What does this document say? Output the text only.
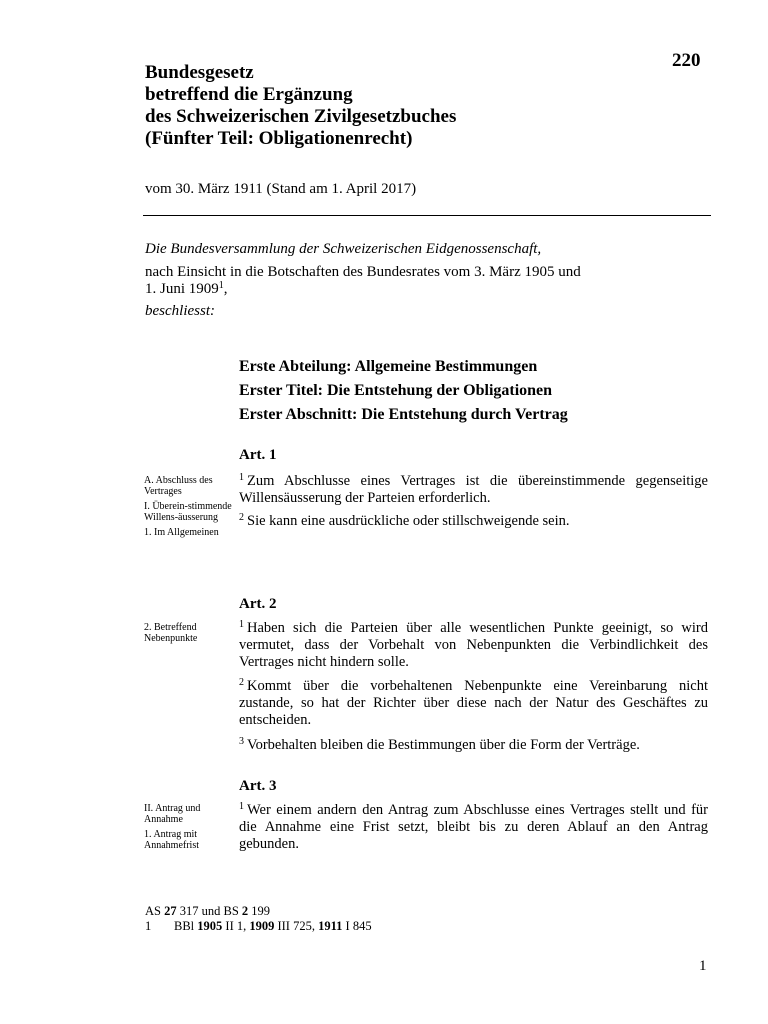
220
Bundesgesetz
betreffend die Ergänzung
des Schweizerischen Zivilgesetzbuches
(Fünfter Teil: Obligationenrecht)
vom 30. März 1911 (Stand am 1. April 2017)
Die Bundesversammlung der Schweizerischen Eidgenossenschaft,
nach Einsicht in die Botschaften des Bundesrates vom 3. März 1905 und
1. Juni 1909$^1$,
beschliesst:
Erste Abteilung: Allgemeine Bestimmungen
Erster Titel: Die Entstehung der Obligationen
Erster Abschnitt: Die Entstehung durch Vertrag
Art. 1
A. Abschluss des Vertrages
I. Überein-stimmende Willens-äusserung
1. Im Allgemeinen
$^1$ Zum Abschlusse eines Vertrages ist die übereinstimmende gegenseitige Willensäusserung der Parteien erforderlich.
$^2$ Sie kann eine ausdrückliche oder stillschweigende sein.
Art. 2
2. Betreffend Nebenpunkte
$^1$ Haben sich die Parteien über alle wesentlichen Punkte geeinigt, so wird vermutet, dass der Vorbehalt von Nebenpunkten die Verbindlichkeit des Vertrages nicht hindern solle.
$^2$ Kommt über die vorbehaltenen Nebenpunkte eine Vereinbarung nicht zustande, so hat der Richter über diese nach der Natur des Geschäftes zu entscheiden.
$^3$ Vorbehalten bleiben die Bestimmungen über die Form der Verträge.
Art. 3
II. Antrag und Annahme
1. Antrag mit Annahmefrist
$^1$ Wer einem andern den Antrag zum Abschlusse eines Vertrages stellt und für die Annahme eine Frist setzt, bleibt bis zu deren Ablauf an den Antrag gebunden.
AS 27 317 und BS 2 199
1 BBl 1905 II 1, 1909 III 725, 1911 I 845
1
